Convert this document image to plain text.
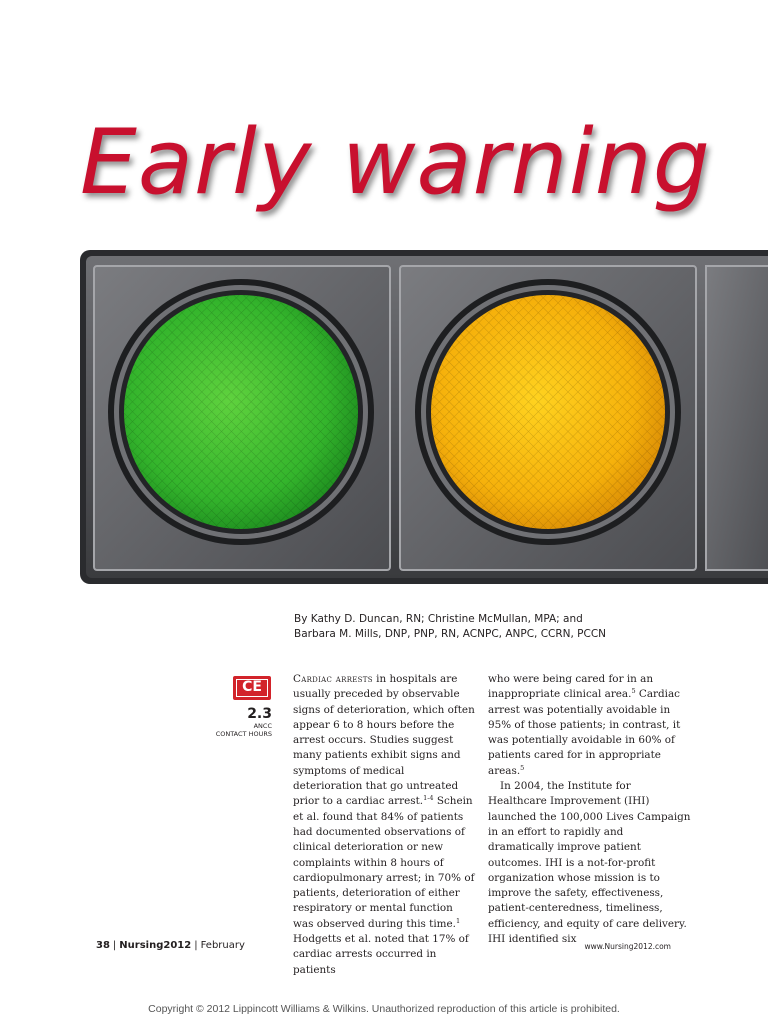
Early warning
By Kathy D. Duncan, RN; Christine McMullan, MPA; and
Barbara M. Mills, DNP, PNP, RN, ACNPC, ANPC, CCRN, PCCN
CE
2.3
ANCC
CONTACT HOURS

Cardiac arrests in hospitals are usually preceded by observable signs of deterioration, which often appear 6 to 8 hours before the arrest occurs. Studies suggest many patients exhibit signs and symptoms of medical deterioration that go untreated prior to a cardiac arrest.$^{1-4}$ Schein et al. found that 84% of patients had documented observations of clinical deterioration or new complaints within 8 hours of cardiopulmonary arrest; in 70% of patients, deterioration of either respiratory or mental function was observed during this time.$^1$ Hodgetts et al. noted that 17% of cardiac arrests occurred in patients

who were being cared for in an inappropriate clinical area.$^5$ Cardiac arrest was potentially avoidable in 95% of those patients; in contrast, it was potentially avoidable in 60% of patients cared for in appropriate areas.$^5$

In 2004, the Institute for Healthcare Improvement (IHI) launched the 100,000 Lives Campaign in an effort to rapidly and dramatically improve patient outcomes. IHI is a not-for-profit organization whose mission is to improve the safety, effectiveness, patient-centeredness, timeliness, efficiency, and equity of care delivery. IHI identified six

38 | Nursing2012 | February	www.Nursing2012.com
Copyright © 2012 Lippincott Williams & Wilkins. Unauthorized reproduction of this article is prohibited.
